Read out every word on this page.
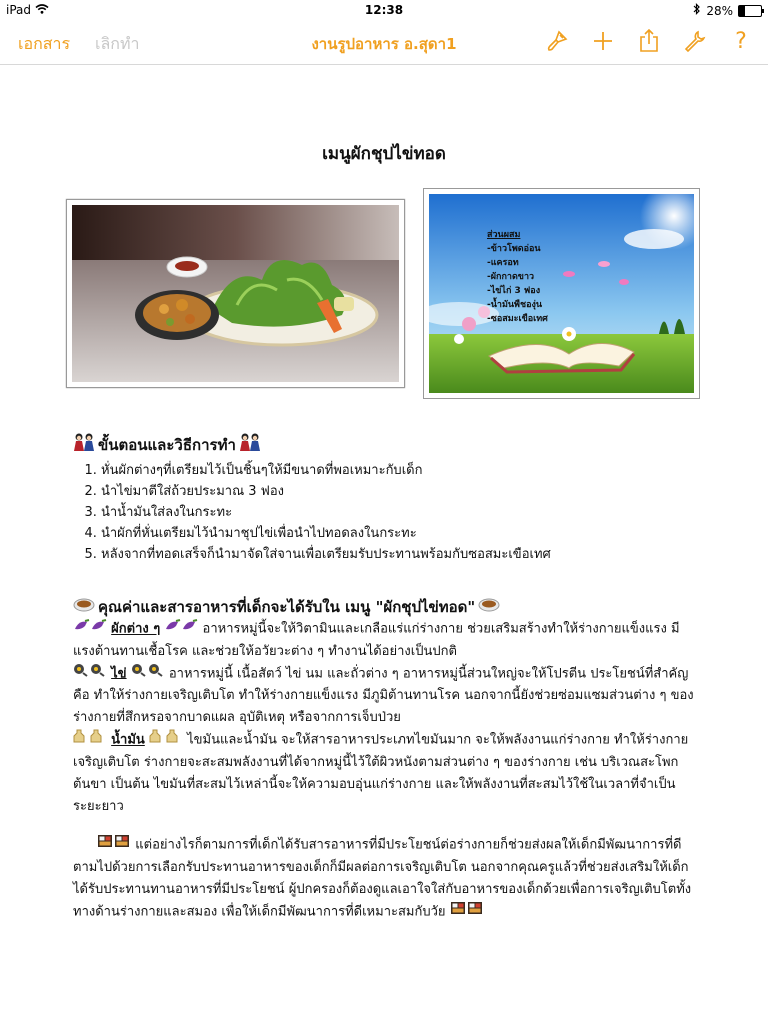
iPad	12:38	28%
เอกสาร เลิกทำ	งานรูปอาหาร อ.สุดา1	?
เมนูผักชุปไข่ทอด
ส่วนผสม
-ข้าวโพดอ่อน
-แครอท
-ผักกาดขาว
-ไข่ไก่ 3 ฟอง
-น้ำมันพืชองุ่น
-ซอสมะเขือเทศ
ขั้นตอนและวิธีการทำ
1. หั่นผักต่างๆที่เตรียมไว้เป็นชิ้นๆให้มีขนาดที่พอเหมาะกับเด็ก
2. นำไข่มาตีใส่ถ้วยประมาณ 3 ฟอง
3. นำน้ำมันใส่ลงในกระทะ
4. นำผักที่หั่นเตรียมไว้นำมาชุปไข่เพื่อนำไปทอดลงในกระทะ
5. หลังจากที่ทอดเสร็จก็นำมาจัดใส่จานเพื่อเตรียมรับประทานพร้อมกับซอสมะเขือเทศ
คุณค่าและสารอาหารที่เด็กจะได้รับใน เมนู "ผักชุปไข่ทอด"
ผักต่าง ๆ	อาหารหมู่นี้จะให้วิตามินและเกลือแร่แก่ร่างกาย ช่วยเสริมสร้างทำให้ร่างกายแข็งแรง มีแรงต้านทานเชื้อโรค และช่วยให้อวัยวะต่าง ๆ ทำงานได้อย่างเป็นปกติ
ไข่	อาหารหมู่นี้ เนื้อสัตว์ ไข่ นม และถั่วต่าง ๆ อาหารหมู่นี้ส่วนใหญ่จะให้โปรตีน ประโยชน์ที่สำคัญคือ ทำให้ร่างกายเจริญเติบโต ทำให้ร่างกายแข็งแรง มีภูมิต้านทานโรค นอกจากนี้ยังช่วยซ่อมแซมส่วนต่าง ๆ ของร่างกายที่สึกหรอจากบาดแผล อุบัติเหตุ หรือจากการเจ็บป่วย
น้ำมัน	ไขมันและน้ำมัน จะให้สารอาหารประเภทไขมันมาก จะให้พลังงานแก่ร่างกาย ทำให้ร่างกายเจริญเติบโต ร่างกายจะสะสมพลังงานที่ได้จากหมู่นี้ไว้ใต้ผิวหนังตามส่วนต่าง ๆ ของร่างกาย เช่น บริเวณสะโพก ต้นขา เป็นต้น ไขมันที่สะสมไว้เหล่านี้จะให้ความอบอุ่นแก่ร่างกาย และให้พลังงานที่สะสมไว้ใช้ในเวลาที่จำเป็นระยะยาว
แต่อย่างไรก็ตามการที่เด็กได้รับสารอาหารที่มีประโยชน์ต่อร่างกายก็ช่วยส่งผลให้เด็กมีพัฒนาการที่ดีตามไปด้วยการเลือกรับประทานอาหารของเด็กก็มีผลต่อการเจริญเติบโต นอกจากคุณครูแล้วที่ช่วยส่งเสริมให้เด็กได้รับประทานทานอาหารที่มีประโยชน์ ผู้ปกครองก็ต้องดูแลเอาใจใส่กับอาหารของเด็กด้วยเพื่อการเจริญเติบโตทั้งทางด้านร่างกายและสมอง เพื่อให้เด็กมีพัฒนาการที่ดีเหมาะสมกับวัย
